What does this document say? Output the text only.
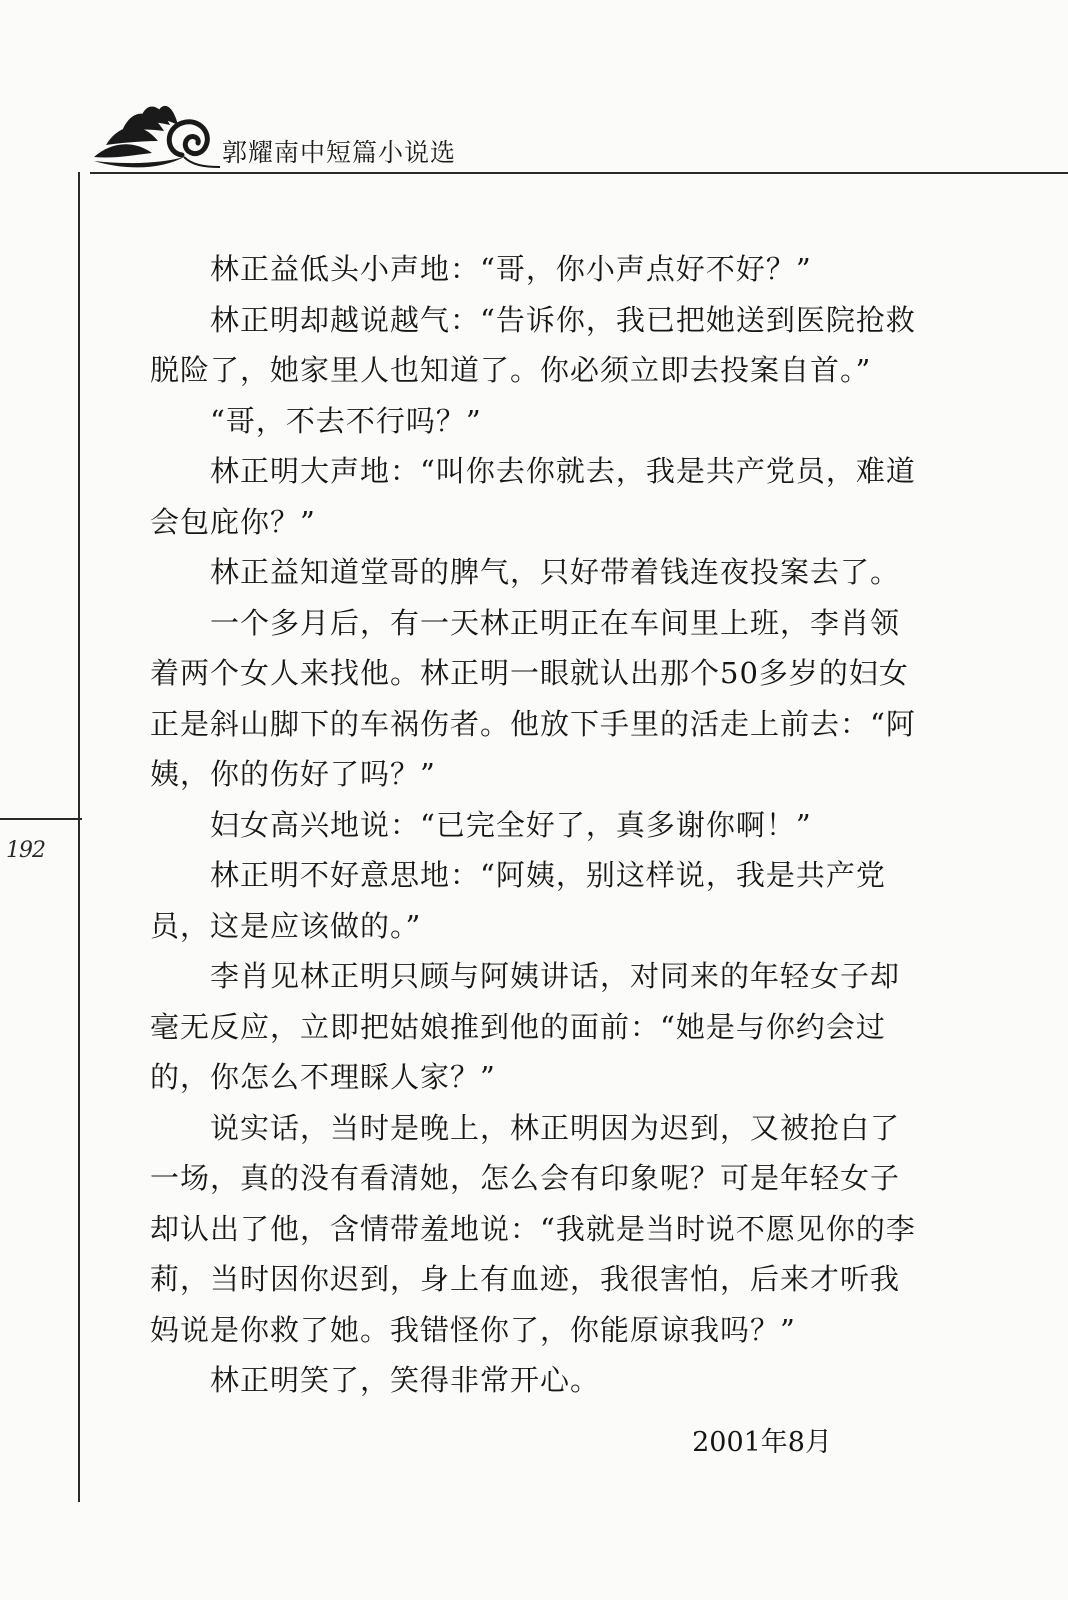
郭耀南中短篇小说选
192

林正益低头小声地：“哥，你小声点好不好？”

林正明却越说越气：“告诉你，我已把她送到医院抢救脱险了，她家里人也知道了。你必须立即去投案自首。”

“哥，不去不行吗？”

林正明大声地：“叫你去你就去，我是共产党员，难道会包庇你？”

林正益知道堂哥的脾气，只好带着钱连夜投案去了。

一个多月后，有一天林正明正在车间里上班，李肖领着两个女人来找他。林正明一眼就认出那个50多岁的妇女正是斜山脚下的车祸伤者。他放下手里的活走上前去：“阿姨，你的伤好了吗？”

妇女高兴地说：“已完全好了，真多谢你啊！”

林正明不好意思地：“阿姨，别这样说，我是共产党员，这是应该做的。”

李肖见林正明只顾与阿姨讲话，对同来的年轻女子却毫无反应，立即把姑娘推到他的面前：“她是与你约会过的，你怎么不理睬人家？”

说实话，当时是晚上，林正明因为迟到，又被抢白了一场，真的没有看清她，怎么会有印象呢？可是年轻女子却认出了他，含情带羞地说：“我就是当时说不愿见你的李莉，当时因你迟到，身上有血迹，我很害怕，后来才听我妈说是你救了她。我错怪你了，你能原谅我吗？”

林正明笑了，笑得非常开心。

2001年8月
